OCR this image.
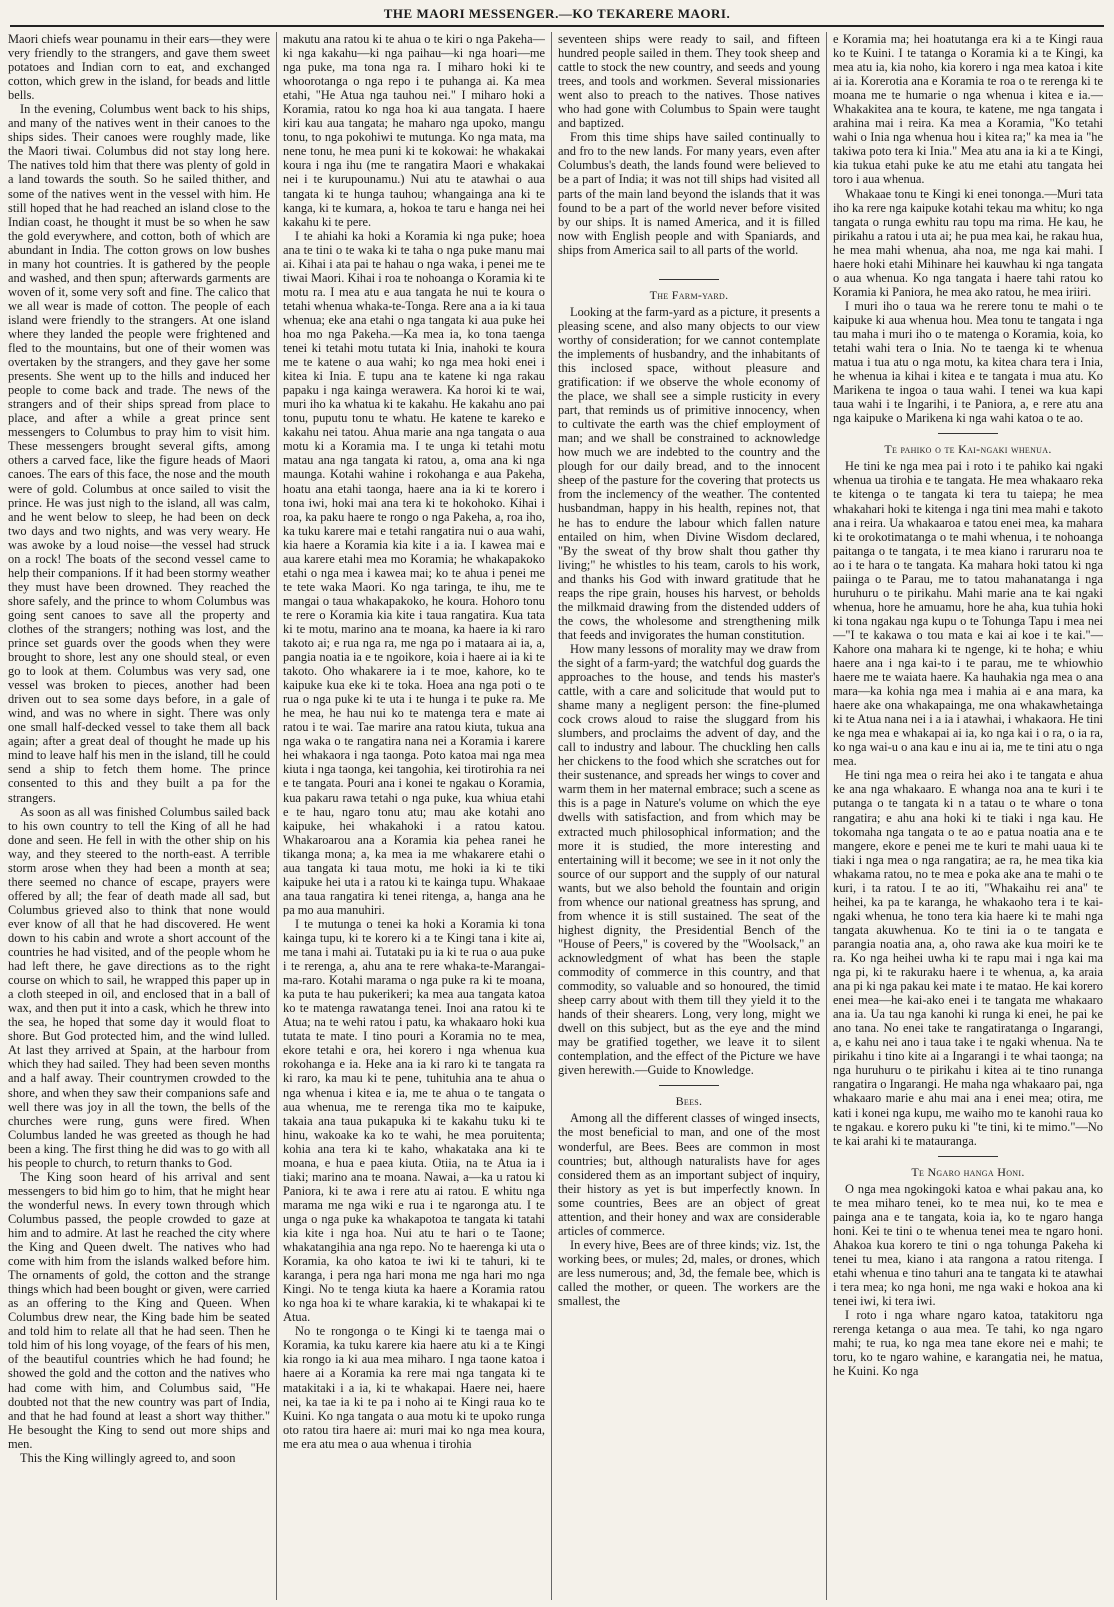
THE MAORI MESSENGER.—KO TEKARERE MAORI.

Maori chiefs wear pounamu in their ears—they were very friendly to the strangers, and gave them sweet potatoes and Indian corn to eat, and exchanged cotton, which grew in the island, for beads and little bells.

In the evening, Columbus went back to his ships, and many of the natives went in their canoes to the ships sides. Their canoes were roughly made, like the Maori tiwai. Columbus did not stay long here. The natives told him that there was plenty of gold in a land towards the south. So he sailed thither, and some of the natives went in the vessel with him. He still hoped that he had reached an island close to the Indian coast, he thought it must be so when he saw the gold everywhere, and cotton, both of which are abundant in India. The cotton grows on low bushes in many hot countries. It is gathered by the people and washed, and then spun; afterwards garments are woven of it, some very soft and fine. The calico that we all wear is made of cotton. The people of each island were friendly to the strangers. At one island where they landed the people were frightened and fled to the mountains, but one of their women was overtaken by the strangers, and they gave her some presents. She went up to the hills and induced her people to come back and trade. The news of the strangers and of their ships spread from place to place, and after a while a great prince sent messengers to Columbus to pray him to visit him. These messengers brought several gifts, among others a carved face, like the figure heads of Maori canoes. The ears of this face, the nose and the mouth were of gold. Columbus at once sailed to visit the prince. He was just nigh to the island, all was calm, and he went below to sleep, he had been on deck two days and two nights, and was very weary. He was awoke by a loud noise—the vessel had struck on a rock! The boats of the second vessel came to help their companions. If it had been stormy weather they must have been drowned. They reached the shore safely, and the prince to whom Columbus was going sent canoes to save all the property and clothes of the strangers; nothing was lost, and the prince set guards over the goods when they were brought to shore, lest any one should steal, or even go to look at them. Columbus was very sad, one vessel was broken to pieces, another had been driven out to sea some days before, in a gale of wind, and was no where in sight. There was only one small half-decked vessel to take them all back again; after a great deal of thought he made up his mind to leave half his men in the island, till he could send a ship to fetch them home. The prince consented to this and they built a pa for the strangers.

As soon as all was finished Columbus sailed back to his own country to tell the King of all he had done and seen. He fell in with the other ship on his way, and they steered to the north-east. A terrible storm arose when they had been a month at sea; there seemed no chance of escape, prayers were offered by all; the fear of death made all sad, but Columbus grieved also to think that none would ever know of all that he had discovered. He went down to his cabin and wrote a short account of the countries he had visited, and of the people whom he had left there, he gave directions as to the right course on which to sail, he wrapped this paper up in a cloth steeped in oil, and enclosed that in a ball of wax, and then put it into a cask, which he threw into the sea, he hoped that some day it would float to shore. But God protected him, and the wind lulled. At last they arrived at Spain, at the harbour from which they had sailed. They had been seven months and a half away. Their countrymen crowded to the shore, and when they saw their companions safe and well there was joy in all the town, the bells of the churches were rung, guns were fired. When Columbus landed he was greeted as though he had been a king. The first thing he did was to go with all his people to church, to return thanks to God.

The King soon heard of his arrival and sent messengers to bid him go to him, that he might hear the wonderful news. In every town through which Columbus passed, the people crowded to gaze at him and to admire. At last he reached the city where the King and Queen dwelt. The natives who had come with him from the islands walked before him. The ornaments of gold, the cotton and the strange things which had been bought or given, were carried as an offering to the King and Queen. When Columbus drew near, the King bade him be seated and told him to relate all that he had seen. Then he told him of his long voyage, of the fears of his men, of the beautiful countries which he had found; he showed the gold and the cotton and the natives who had come with him, and Columbus said, "He doubted not that the new country was part of India, and that he had found at least a short way thither." He besought the King to send out more ships and men.

This the King willingly agreed to, and soon

makutu ana ratou ki te ahua o te kiri o nga Pakeha—ki nga kakahu—ki nga paihau—ki nga hoari—me nga puke, ma tona nga ra. I miharo hoki ki te whoorotanga o nga repo i te puhanga ai. Ka mea etahi, "He Atua nga tauhou nei." I miharo hoki a Koramia, ratou ko nga hoa ki aua tangata. I haere kiri kau aua tangata; he maharo nga upoko, mangu tonu, to nga pokohiwi te mutunga. Ko nga mata, ma nene tonu, he mea puni ki te kokowai: he whakakai koura i nga ihu (me te rangatira Maori e whakakai nei i te kurupounamu.) Nui atu te atawhai o aua tangata ki te hunga tauhou; whangainga ana ki te kanga, ki te kumara, a, hokoa te taru e hanga nei hei kakahu ki te pere.

I te ahiahi ka hoki a Koramia ki nga puke; hoea ana te tini o te waka ki te taha o nga puke manu mai ai. Kihai i ata pai te hahau o nga waka, i penei me te tiwai Maori. Kihai i roa te nohoanga o Koramia ki te motu ra. I mea atu e aua tangata he nui te koura o tetahi whenua whaka-te-Tonga. Rere ana a ia ki taua whenua; eke ana etahi o nga tangata ki aua puke hei hoa mo nga Pakeha.—Ka mea ia, ko tona taenga tenei ki tetahi motu tutata ki Inia, inahoki te koura me te katene o aua wahi; ko nga mea hoki enei i kitea ki Inia. E tupu ana te katene ki nga rakau papaku i nga kainga werawera. Ka horoi ki te wai, muri iho ka whatua ki te kakahu. He kakahu ano pai tonu, puputu tonu te whatu. He katene te kareko e kakahu nei tatou. Ahua marie ana nga tangata o aua motu ki a Koramia ma. I te unga ki tetahi motu matau ana nga tangata ki ratou, a, oma ana ki nga maunga. Kotahi wahine i rokohanga e aua Pakeha, hoatu ana etahi taonga, haere ana ia ki te korero i tona iwi, hoki mai ana tera ki te hokohoko. Kihai i roa, ka paku haere te rongo o nga Pakeha, a, roa iho, ka tuku karere mai e tetahi rangatira nui o aua wahi, kia haere a Koramia kia kite i a ia. I kawea mai e aua karere etahi mea mo Koramia; he whakapakoko etahi o nga mea i kawea mai; ko te ahua i penei me te tete waka Maori. Ko nga taringa, te ihu, me te mangai o taua whakapakoko, he koura. Hohoro tonu te rere o Koramia kia kite i taua rangatira. Kua tata ki te motu, marino ana te moana, ka haere ia ki raro takoto ai; e rua nga ra, me nga po i mataara ai ia, a, pangia noatia ia e te ngoikore, koia i haere ai ia ki te takoto. Oho whakarere ia i te moe, kahore, ko te kaipuke kua eke ki te toka. Hoea ana nga poti o te rua o nga puke ki te uta i te hunga i te puke ra. Me he mea, he hau nui ko te matenga tera e mate ai ratou i te wai. Tae marire ana ratou kiuta, tukua ana nga waka o te rangatira nana nei a Koramia i karere hei whakaora i nga taonga. Poto katoa mai nga mea kiuta i nga taonga, kei tangohia, kei tirotirohia ra nei e te tangata. Pouri ana i konei te ngakau o Koramia, kua pakaru rawa tetahi o nga puke, kua whiua etahi e te hau, ngaro tonu atu; mau ake kotahi ano kaipuke, hei whakahoki i a ratou katou. Whakaroarou ana a Koramia kia pehea ranei he tikanga mona; a, ka mea ia me whakarere etahi o aua tangata ki taua motu, me hoki ia ki te tiki kaipuke hei uta i a ratou ki te kainga tupu. Whakaae ana taua rangatira ki tenei ritenga, a, hanga ana he pa mo aua manuhiri.

I te mutunga o tenei ka hoki a Koramia ki tona kainga tupu, ki te korero ki a te Kingi tana i kite ai, me tana i mahi ai. Tutataki pu ia ki te rua o aua puke i te rerenga, a, ahu ana te rere whaka-te-Marangai-ma-raro. Kotahi marama o nga puke ra ki te moana, ka puta te hau pukerikeri; ka mea aua tangata katoa ko te matenga rawatanga tenei. Inoi ana ratou ki te Atua; na te wehi ratou i patu, ka whakaaro hoki kua tutata te mate. I tino pouri a Koramia no te mea, ekore tetahi e ora, hei korero i nga whenua kua rokohanga e ia. Heke ana ia ki raro ki te tangata ra ki raro, ka mau ki te pene, tuhituhia ana te ahua o nga whenua i kitea e ia, me te ahua o te tangata o aua whenua, me te rerenga tika mo te kaipuke, takaia ana taua pukapuka ki te kakahu tuku ki te hinu, wakoake ka ko te wahi, he mea poruitenta; kohia ana tera ki te kaho, whakataka ana ki te moana, e hua e paea kiuta. Otiia, na te Atua ia i tiaki; marino ana te moana. Nawai, a—ka u ratou ki Paniora, ki te awa i rere atu ai ratou. E whitu nga marama me nga wiki e rua i te ngaronga atu. I te unga o nga puke ka whakapotoa te tangata ki tatahi kia kite i nga hoa. Nui atu te hari o te Taone; whakatangihia ana nga repo. No te haerenga ki uta o Koramia, ka oho katoa te iwi ki te tahuri, ki te karanga, i pera nga hari mona me nga hari mo nga Kingi. No te tenga kiuta ka haere a Koramia ratou ko nga hoa ki te whare karakia, ki te whakapai ki te Atua.

No te rongonga o te Kingi ki te taenga mai o Koramia, ka tuku karere kia haere atu ki a te Kingi kia rongo ia ki aua mea miharo. I nga taone katoa i haere ai a Koramia ka rere mai nga tangata ki te matakitaki i a ia, ki te whakapai. Haere nei, haere nei, ka tae ia ki te pa i noho ai te Kingi raua ko te Kuini. Ko nga tangata o aua motu ki te upoko runga oto ratou tira haere ai: muri mai ko nga mea koura, me era atu mea o aua whenua i tirohia

seventeen ships were ready to sail, and fifteen hundred people sailed in them. They took sheep and cattle to stock the new country, and seeds and young trees, and tools and workmen. Several missionaries went also to preach to the natives. Those natives who had gone with Columbus to Spain were taught and baptized.

From this time ships have sailed continually to and fro to the new lands. For many years, even after Columbus's death, the lands found were believed to be a part of India; it was not till ships had visited all parts of the main land beyond the islands that it was found to be a part of the world never before visited by our ships. It is named America, and it is filled now with English people and with Spaniards, and ships from America sail to all parts of the world.

The Farm-yard.

Looking at the farm-yard as a picture, it presents a pleasing scene, and also many objects to our view worthy of consideration; for we cannot contemplate the implements of husbandry, and the inhabitants of this inclosed space, without pleasure and gratification: if we observe the whole economy of the place, we shall see a simple rusticity in every part, that reminds us of primitive innocency, when to cultivate the earth was the chief employment of man; and we shall be constrained to acknowledge how much we are indebted to the country and the plough for our daily bread, and to the innocent sheep of the pasture for the covering that protects us from the inclemency of the weather. The contented husbandman, happy in his health, repines not, that he has to endure the labour which fallen nature entailed on him, when Divine Wisdom declared, "By the sweat of thy brow shalt thou gather thy living;" he whistles to his team, carols to his work, and thanks his God with inward gratitude that he reaps the ripe grain, houses his harvest, or beholds the milkmaid drawing from the distended udders of the cows, the wholesome and strengthening milk that feeds and invigorates the human constitution.

How many lessons of morality may we draw from the sight of a farm-yard; the watchful dog guards the approaches to the house, and tends his master's cattle, with a care and solicitude that would put to shame many a negligent person: the fine-plumed cock crows aloud to raise the sluggard from his slumbers, and proclaims the advent of day, and the call to industry and labour. The chuckling hen calls her chickens to the food which she scratches out for their sustenance, and spreads her wings to cover and warm them in her maternal embrace; such a scene as this is a page in Nature's volume on which the eye dwells with satisfaction, and from which may be extracted much philosophical information; and the more it is studied, the more interesting and entertaining will it become; we see in it not only the source of our support and the supply of our natural wants, but we also behold the fountain and origin from whence our national greatness has sprung, and from whence it is still sustained. The seat of the highest dignity, the Presidential Bench of the "House of Peers," is covered by the "Woolsack," an acknowledgment of what has been the staple commodity of commerce in this country, and that commodity, so valuable and so honoured, the timid sheep carry about with them till they yield it to the hands of their shearers. Long, very long, might we dwell on this subject, but as the eye and the mind may be gratified together, we leave it to silent contemplation, and the effect of the Picture we have given herewith.—Guide to Knowledge.

Bees.

Among all the different classes of winged insects, the most beneficial to man, and one of the most wonderful, are Bees. Bees are common in most countries; but, although naturalists have for ages considered them as an important subject of inquiry, their history as yet is but imperfectly known. In some countries, Bees are an object of great attention, and their honey and wax are considerable articles of commerce.

In every hive, Bees are of three kinds; viz. 1st, the working bees, or mules; 2d, males, or drones, which are less numerous; and, 3d, the female bee, which is called the mother, or queen. The workers are the smallest, the

e Koramia ma; hei hoatutanga era ki a te Kingi raua ko te Kuini. I te tatanga o Koramia ki a te Kingi, ka mea atu ia, kia noho, kia korero i nga mea katoa i kite ai ia. Korerotia ana e Koramia te roa o te rerenga ki te moana me te humarie o nga whenua i kitea e ia.—Whakakitea ana te koura, te katene, me nga tangata i arahina mai i reira. Ka mea a Koramia, "Ko tetahi wahi o Inia nga whenua hou i kitea ra;" ka mea ia "he takiwa poto tera ki Inia." Mea atu ana ia ki a te Kingi, kia tukua etahi puke ke atu me etahi atu tangata hei toro i aua whenua.

Whakaae tonu te Kingi ki enei tononga.—Muri tata iho ka rere nga kaipuke kotahi tekau ma whitu; ko nga tangata o runga ewhitu rau topu ma rima. He kau, he pirikahu a ratou i uta ai; he pua mea kai, he rakau hua, he mea mahi whenua, aha noa, me nga kai mahi. I haere hoki etahi Mihinare hei kauwhau ki nga tangata o aua whenua. Ko nga tangata i haere tahi ratou ko Koramia ki Paniora, he mea ako ratou, he mea iriiri.

I muri iho o taua wa he rerere tonu te mahi o te kaipuke ki aua whenua hou. Mea tonu te tangata i nga tau maha i muri iho o te matenga o Koramia, koia, ko tetahi wahi tera o Inia. No te taenga ki te whenua matua i tua atu o nga motu, ka kitea chara tera i Inia, he whenua ia kihai i kitea e te tangata i mua atu. Ko Marikena te ingoa o taua wahi. I tenei wa kua kapi taua wahi i te Ingarihi, i te Paniora, a, e rere atu ana nga kaipuke o Marikena ki nga wahi katoa o te ao.

Te pahiko o te Kai-ngaki whenua.

He tini ke nga mea pai i roto i te pahiko kai ngaki whenua ua tirohia e te tangata. He mea whakaaro reka te kitenga o te tangata ki tera tu taiepa; he mea whakahari hoki te kitenga i nga tini mea mahi e takoto ana i reira. Ua whakaaroa e tatou enei mea, ka mahara ki te orokotimatanga o te mahi whenua, i te nohoanga paitanga o te tangata, i te mea kiano i raruraru noa te ao i te hara o te tangata. Ka mahara hoki tatou ki nga paiinga o te Parau, me to tatou mahanatanga i nga huruhuru o te pirikahu. Mahi marie ana te kai ngaki whenua, hore he amuamu, hore he aha, kua tuhia hoki ki tona ngakau nga kupu o te Tohunga Tapu i mea nei—"I te kakawa o tou mata e kai ai koe i te kai."—Kahore ona mahara ki te ngenge, ki te hoha; e whiu haere ana i nga kai-to i te parau, me te whiowhio haere me te waiata haere. Ka hauhakia nga mea o ana mara—ka kohia nga mea i mahia ai e ana mara, ka haere ake ona whakapainga, me ona whakawhetainga ki te Atua nana nei i a ia i atawhai, i whakaora. He tini ke nga mea e whakapai ai ia, ko nga kai i o ra, o ia ra, ko nga wai-u o ana kau e inu ai ia, me te tini atu o nga mea.

He tini nga mea o reira hei ako i te tangata e ahua ke ana nga whakaaro. E whanga noa ana te kuri i te putanga o te tangata ki n a tatau o te whare o tona rangatira; e ahu ana hoki ki te tiaki i nga kau. He tokomaha nga tangata o te ao e patua noatia ana e te mangere, ekore e penei me te kuri te mahi uaua ki te tiaki i nga mea o nga rangatira; ae ra, he mea tika kia whakama ratou, no te mea e poka ake ana te mahi o te kuri, i ta ratou. I te ao iti, "Whakaihu rei ana" te heihei, ka pa te karanga, he whakaoho tera i te kai-ngaki whenua, he tono tera kia haere ki te mahi nga tangata akuwhenua. Ko te tini ia o te tangata e parangia noatia ana, a, oho rawa ake kua moiri ke te ra. Ko nga heihei uwha ki te rapu mai i nga kai ma nga pi, ki te rakuraku haere i te whenua, a, ka araia ana pi ki nga pakau kei mate i te matao. He kai korero enei mea—he kai-ako enei i te tangata me whakaaro ana ia. Ua tau nga kanohi ki runga ki enei, he pai ke ano tana. No enei take te rangatiratanga o Ingarangi, a, e kahu nei ano i taua take i te ngaki whenua. Na te pirikahu i tino kite ai a Ingarangi i te whai taonga; na nga huruhuru o te pirikahu i kitea ai te tino runanga rangatira o Ingarangi. He maha nga whakaaro pai, nga whakaaro marie e ahu mai ana i enei mea; otira, me kati i konei nga kupu, me waiho mo te kanohi raua ko te ngakau. e korero puku ki "te tini, ki te mimo."—No te kai arahi ki te matauranga.

Te Ngaro hanga Honi.

O nga mea ngokingoki katoa e whai pakau ana, ko te mea miharo tenei, ko te mea nui, ko te mea e painga ana e te tangata, koia ia, ko te ngaro hanga honi. Kei te tini o te whenua tenei mea te ngaro honi. Ahakoa kua korero te tini o nga tohunga Pakeha ki tenei tu mea, kiano i ata rangona a ratou ritenga. I etahi whenua e tino tahuri ana te tangata ki te atawhai i tera mea; ko nga honi, me nga waki e hokoa ana ki tenei iwi, ki tera iwi.

I roto i nga whare ngaro katoa, tatakitoru nga rerenga ketanga o aua mea. Te tahi, ko nga ngaro mahi; te rua, ko nga mea tane ekore nei e mahi; te toru, ko te ngaro wahine, e karangatia nei, he matua, he Kuini. Ko nga
